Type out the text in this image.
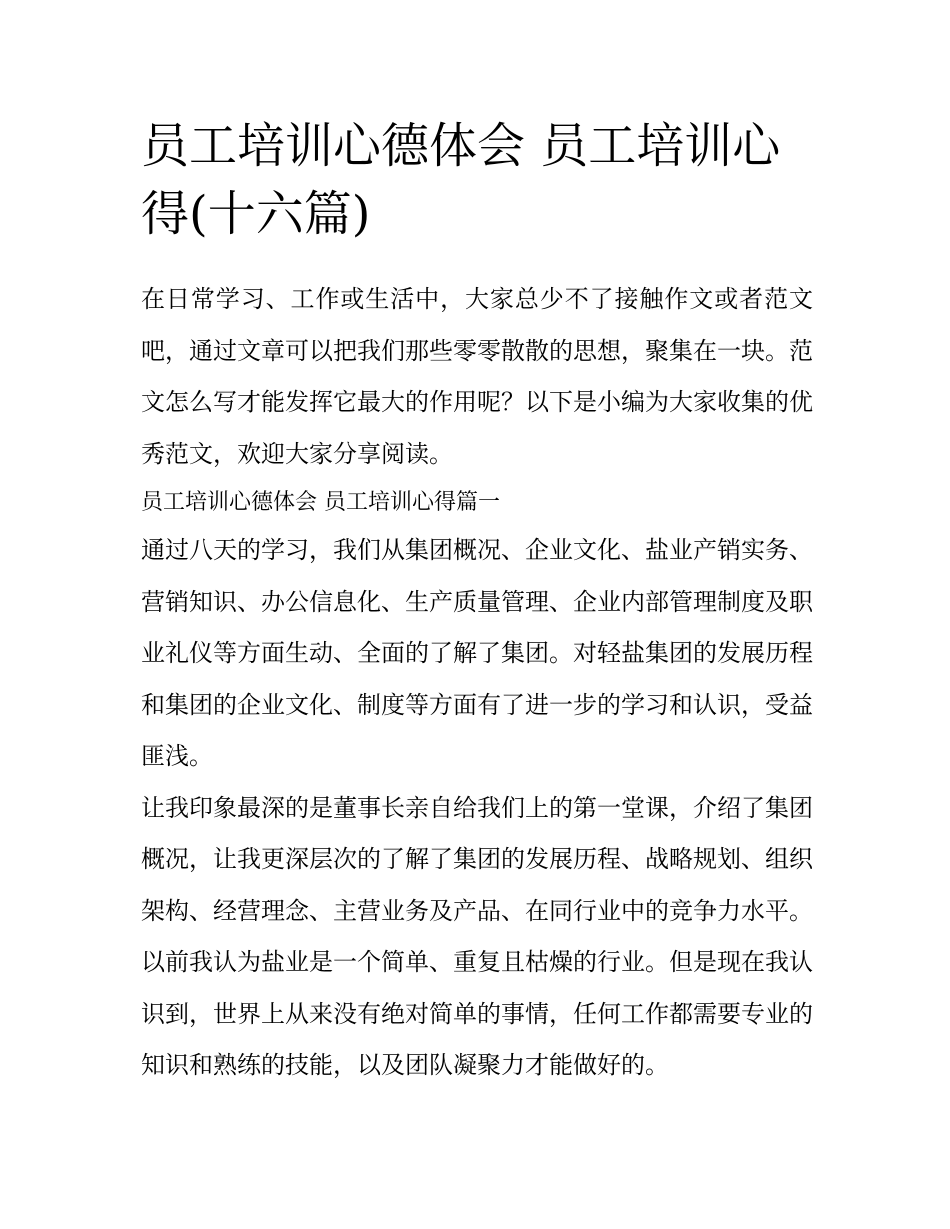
员工培训心德体会 员工培训心得(十六篇)

在日常学习、工作或生活中，大家总少不了接触作文或者范文吧，通过文章可以把我们那些零零散散的思想，聚集在一块。范文怎么写才能发挥它最大的作用呢？以下是小编为大家收集的优秀范文，欢迎大家分享阅读。

员工培训心德体会 员工培训心得篇一

通过八天的学习，我们从集团概况、企业文化、盐业产销实务、营销知识、办公信息化、生产质量管理、企业内部管理制度及职业礼仪等方面生动、全面的了解了集团。对轻盐集团的发展历程和集团的企业文化、制度等方面有了进一步的学习和认识，受益匪浅。

让我印象最深的是董事长亲自给我们上的第一堂课，介绍了集团概况，让我更深层次的了解了集团的发展历程、战略规划、组织架构、经营理念、主营业务及产品、在同行业中的竞争力水平。以前我认为盐业是一个简单、重复且枯燥的行业。但是现在我认识到，世界上从来没有绝对简单的事情，任何工作都需要专业的知识和熟练的技能，以及团队凝聚力才能做好的。
